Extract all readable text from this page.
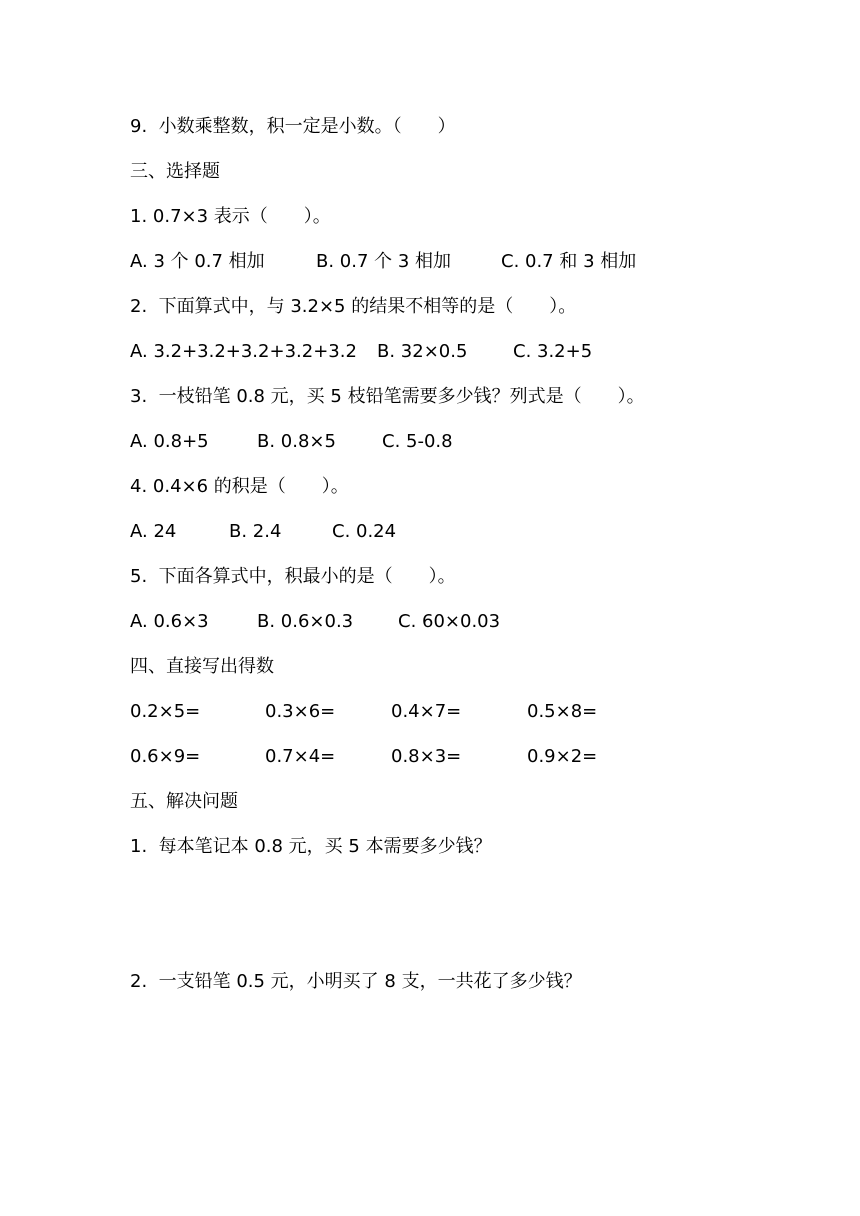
9.  小数乘整数，积一定是小数。（　　）
三、选择题
1. 0.7×3 表示（　　）。
A. 3 个 0.7 相加	B. 0.7 个 3 相加	C. 0.7 和 3 相加
2.  下面算式中，与 3.2×5 的结果不相等的是（　　）。
A. 3.2+3.2+3.2+3.2+3.2 B. 32×0.5	C. 3.2+5
3.  一枝铅笔 0.8 元，买 5 枝铅笔需要多少钱？列式是（　　）。
A. 0.8+5	B. 0.8×5	C. 5-0.8
4. 0.4×6 的积是（　　）。
A. 24	B. 2.4	C. 0.24
5.  下面各算式中，积最小的是（　　）。
A. 0.6×3	B. 0.6×0.3 C. 60×0.03
四、直接写出得数
0.2×5=	0.3×6=	0.4×7=	0.5×8=
0.6×9=	0.7×4=	0.8×3=	0.9×2=
五、解决问题
1.  每本笔记本 0.8 元，买 5 本需要多少钱？
2.  一支铅笔 0.5 元，小明买了 8 支，一共花了多少钱？
